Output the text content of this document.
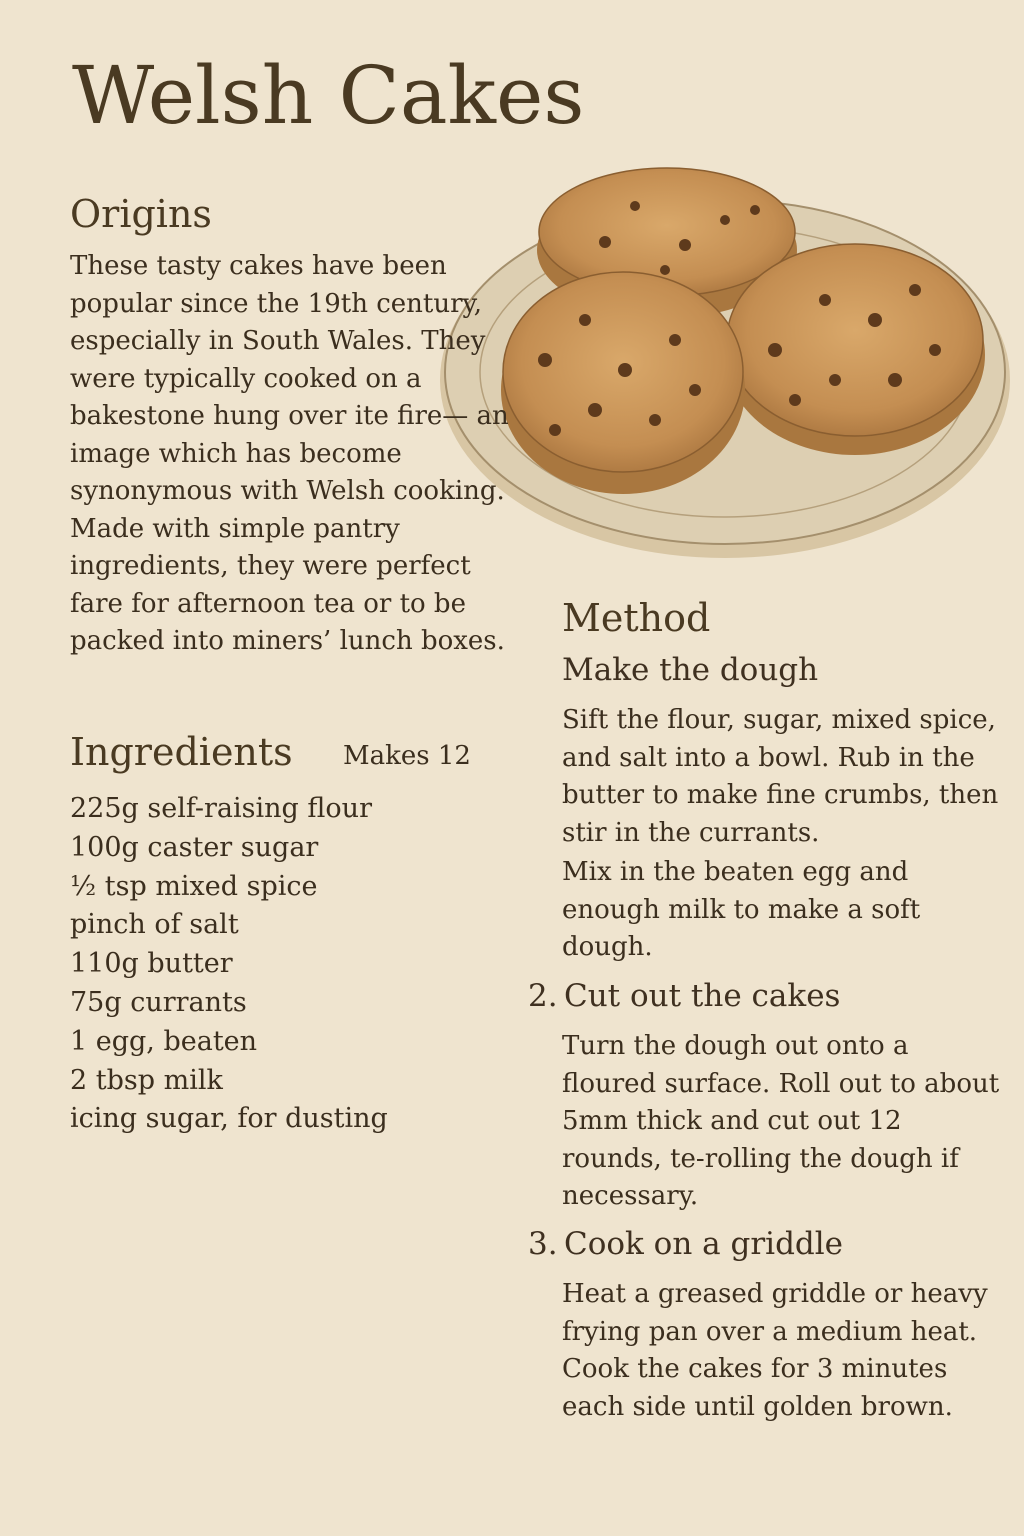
Welsh Cakes
Origins
These tasty cakes have been popular since the 19th century, especially in South Wales. They were typically cooked on a bakestone hung over ite fire— an image which has become synonymous with Welsh cooking. Made with simple pantry ingredients, they were perfect fare for afternoon tea or to be packed into miners’ lunch boxes.
Ingredients Makes 12
225g self-raising flour
100g caster sugar
½ tsp mixed spice
pinch of salt
110g butter
75g currants
1 egg, beaten
2 tbsp milk
icing sugar, for dusting
Method
Make the dough

Sift the flour, sugar, mixed spice, and salt into a bowl. Rub in the butter to make fine crumbs, then stir in the currants.

Mix in the beaten egg and enough milk to make a soft dough.

2. Cut out the cakes

Turn the dough out onto a floured surface. Roll out to about 5mm thick and cut out 12 rounds, te-rolling the dough if necessary.

3. Cook on a griddle

Heat a greased griddle or heavy frying pan over a medium heat. Cook the cakes for 3 minutes each side until golden brown.
